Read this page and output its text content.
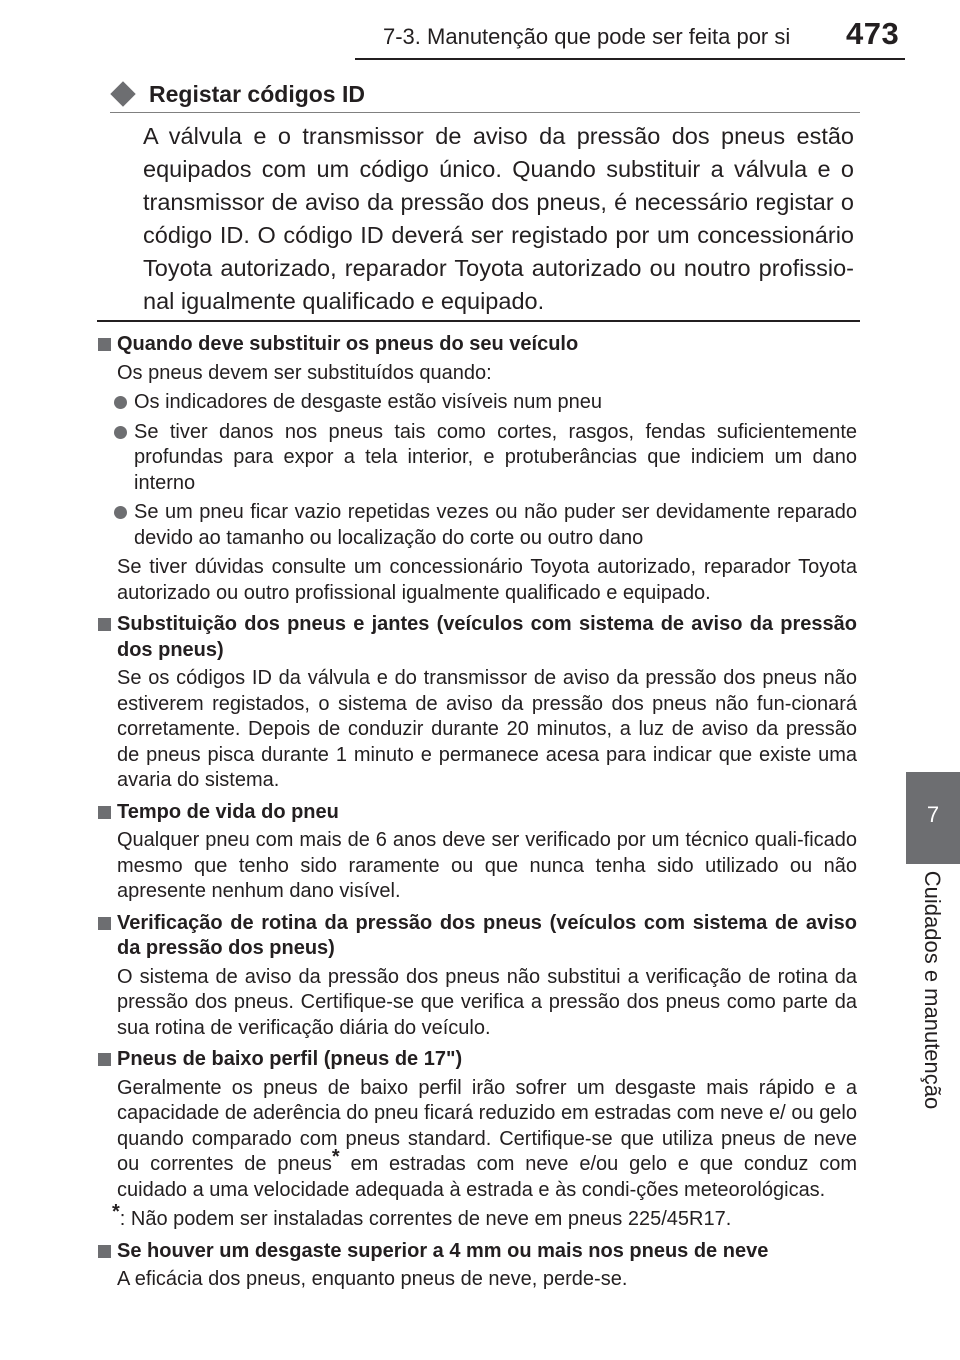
7-3. Manutenção que pode ser feita por si 473
7
Cuidados e manutenção
Registar códigos ID

A válvula e o transmissor de aviso da pressão dos pneus estão equipados com um código único. Quando substituir a válvula e o transmissor de aviso da pressão dos pneus, é necessário registar o código ID. O código ID deverá ser registado por um concessionário Toyota autorizado, reparador Toyota autorizado ou noutro profissio-nal igualmente qualificado e equipado.

Quando deve substituir os pneus do seu veículo
Os pneus devem ser substituídos quando:
Os indicadores de desgaste estão visíveis num pneu
Se tiver danos nos pneus tais como cortes, rasgos, fendas suficientemente profundas para expor a tela interior, e protuberâncias que indiciem um dano interno
Se um pneu ficar vazio repetidas vezes ou não puder ser devidamente reparado devido ao tamanho ou localização do corte ou outro dano
Se tiver dúvidas consulte um concessionário Toyota autorizado, reparador Toyota autorizado ou outro profissional igualmente qualificado e equipado.
Substituição dos pneus e jantes (veículos com sistema de aviso da pressão dos pneus)
Se os códigos ID da válvula e do transmissor de aviso da pressão dos pneus não estiverem registados, o sistema de aviso da pressão dos pneus não fun-cionará corretamente. Depois de conduzir durante 20 minutos, a luz de aviso da pressão de pneus pisca durante 1 minuto e permanece acesa para indicar que existe uma avaria do sistema.
Tempo de vida do pneu
Qualquer pneu com mais de 6 anos deve ser verificado por um técnico quali-ficado mesmo que tenho sido raramente ou que nunca tenha sido utilizado ou não apresente nenhum dano visível.
Verificação de rotina da pressão dos pneus (veículos com sistema de aviso da pressão dos pneus)
O sistema de aviso da pressão dos pneus não substitui a verificação de rotina da pressão dos pneus. Certifique-se que verifica a pressão dos pneus como parte da sua rotina de verificação diária do veículo.
Pneus de baixo perfil (pneus de 17")
Geralmente os pneus de baixo perfil irão sofrer um desgaste mais rápido e a capacidade de aderência do pneu ficará reduzido em estradas com neve e/ ou gelo quando comparado com pneus standard. Certifique-se que utiliza pneus de neve ou correntes de pneus* em estradas com neve e/ou gelo e que conduz com cuidado a uma velocidade adequada à estrada e às condi-ções meteorológicas.
*: Não podem ser instaladas correntes de neve em pneus 225/45R17.
Se houver um desgaste superior a 4 mm ou mais nos pneus de neve
A eficácia dos pneus, enquanto pneus de neve, perde-se.
